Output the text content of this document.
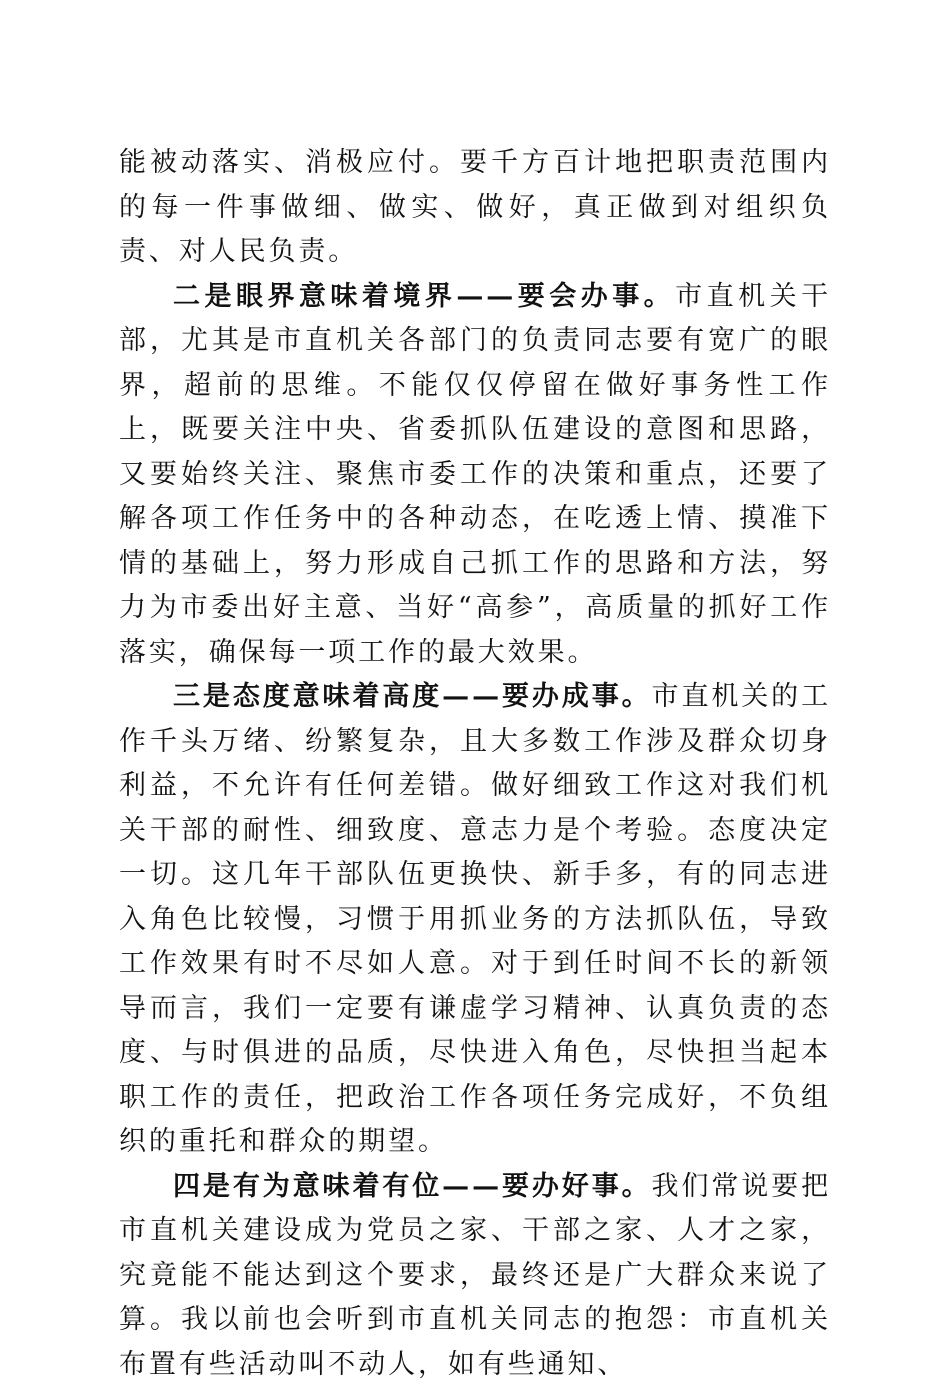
能被动落实、消极应付。要千方百计地把职责范围内的每一件事做细、做实、做好，真正做到对组织负责、对人民负责。

二是眼界意味着境界——要会办事。市直机关干部，尤其是市直机关各部门的负责同志要有宽广的眼界，超前的思维。不能仅仅停留在做好事务性工作上，既要关注中央、省委抓队伍建设的意图和思路，又要始终关注、聚焦市委工作的决策和重点，还要了解各项工作任务中的各种动态，在吃透上情、摸准下情的基础上，努力形成自己抓工作的思路和方法，努力为市委出好主意、当好“高参”，高质量的抓好工作落实，确保每一项工作的最大效果。

三是态度意味着高度——要办成事。市直机关的工作千头万绪、纷繁复杂，且大多数工作涉及群众切身利益，不允许有任何差错。做好细致工作这对我们机关干部的耐性、细致度、意志力是个考验。态度决定一切。这几年干部队伍更换快、新手多，有的同志进入角色比较慢，习惯于用抓业务的方法抓队伍，导致工作效果有时不尽如人意。对于到任时间不长的新领导而言，我们一定要有谦虚学习精神、认真负责的态度、与时俱进的品质，尽快进入角色，尽快担当起本职工作的责任，把政治工作各项任务完成好，不负组织的重托和群众的期望。

四是有为意味着有位——要办好事。我们常说要把市直机关建设成为党员之家、干部之家、人才之家，究竟能不能达到这个要求，最终还是广大群众来说了算。我以前也会听到市直机关同志的抱怨：市直机关布置有些活动叫不动人，如有些通知、
